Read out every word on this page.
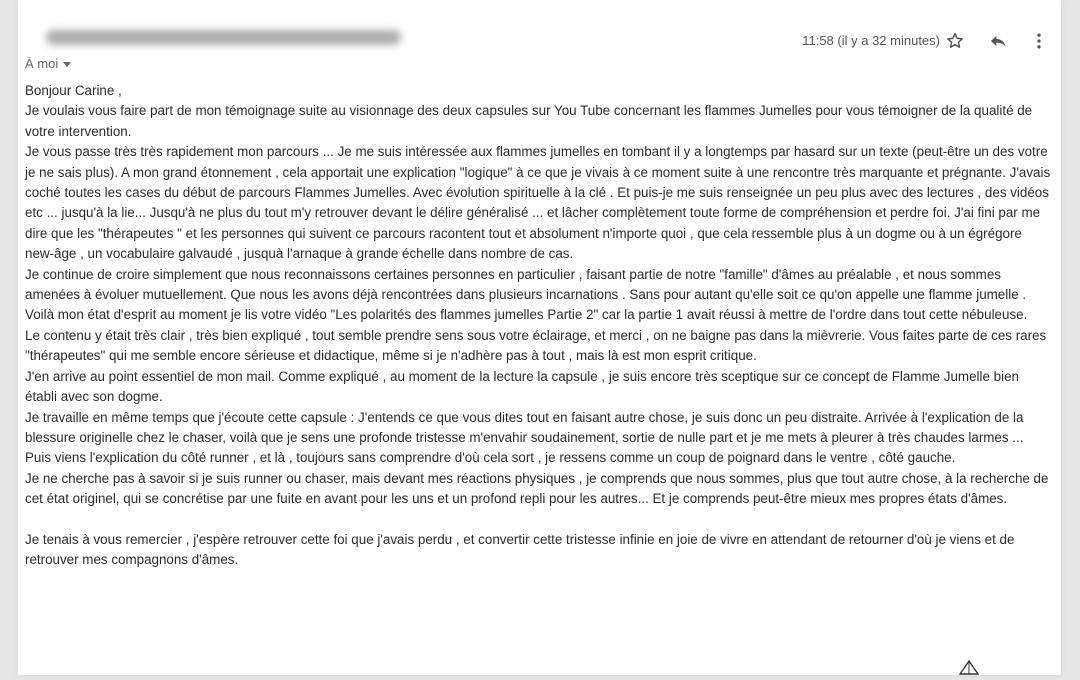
11:58 (il y a 32 minutes)
À moi

Bonjour Carine ,

Je voulais vous faire part de mon témoignage suite au visionnage des deux capsules sur You Tube concernant les flammes Jumelles pour vous témoigner de la qualité de votre intervention.

Je vous passe très très rapidement mon parcours ... Je me suis intéressée aux flammes jumelles en tombant il y a longtemps par hasard sur un texte (peut-être un des votre je ne sais plus). A mon grand étonnement , cela apportait une explication "logique" à ce que je vivais à ce moment suite à une rencontre très marquante et prégnante. J'avais coché toutes les cases du début de parcours Flammes Jumelles. Avec évolution spirituelle à la clé . Et puis-je me suis renseignée un peu plus avec des lectures , des vidéos etc ... jusqu'à la lie... Jusqu'à ne plus du tout m'y retrouver devant le délire généralisé ... et lâcher complètement toute forme de compréhension et perdre foi. J'ai fini par me dire que les "thérapeutes " et les personnes qui suivent ce parcours racontent tout et absolument n'importe quoi , que cela ressemble plus à un dogme ou à un égrégore new-âge , un vocabulaire galvaudé , jusquà l'arnaque à grande échelle dans nombre de cas.

Je continue de croire simplement que nous reconnaissons certaines personnes en particulier , faisant partie de notre "famille" d'âmes au préalable , et nous sommes amenées à évoluer mutuellement. Que nous les avons déjà rencontrées dans plusieurs incarnations . Sans pour autant qu'elle soit ce qu'on appelle une flamme jumelle .

Voilà mon état d'esprit au moment je lis votre vidéo "Les polarités des flammes jumelles Partie 2" car la partie 1 avait réussi à mettre de l'ordre dans tout cette nébuleuse.

Le contenu y était très clair , très bien expliqué , tout semble prendre sens sous votre éclairage, et merci , on ne baigne pas dans la mièvrerie. Vous faites parte de ces rares "thérapeutes" qui me semble encore sérieuse et didactique, même si je n'adhère pas à tout , mais là est mon esprit critique.

J'en arrive au point essentiel de mon mail. Comme expliqué , au moment de la lecture la capsule , je suis encore très sceptique sur ce concept de Flamme Jumelle bien établi avec son dogme.

Je travaille en même temps que j'écoute cette capsule : J'entends ce que vous dites tout en faisant autre chose, je suis donc un peu distraite. Arrivée à l'explication de la blessure originelle chez le chaser, voilà que je sens une profonde tristesse m'envahir soudainement, sortie de nulle part et je me mets à pleurer à très chaudes larmes ... Puis viens l'explication du côté runner , et là , toujours sans comprendre d'où cela sort , je ressens comme un coup de poignard dans le ventre , côté gauche.

Je ne cherche pas à savoir si je suis runner ou chaser, mais devant mes réactions physiques , je comprends que nous sommes, plus que tout autre chose, à la recherche de cet état originel, qui se concrétise par une fuite en avant pour les uns et un profond repli pour les autres... Et je comprends peut-être mieux mes propres états d'âmes.

Je tenais à vous remercier , j'espère retrouver cette foi que j'avais perdu , et convertir cette tristesse infinie en joie de vivre en attendant de retourner d'où je viens et de retrouver mes compagnons d'âmes.
